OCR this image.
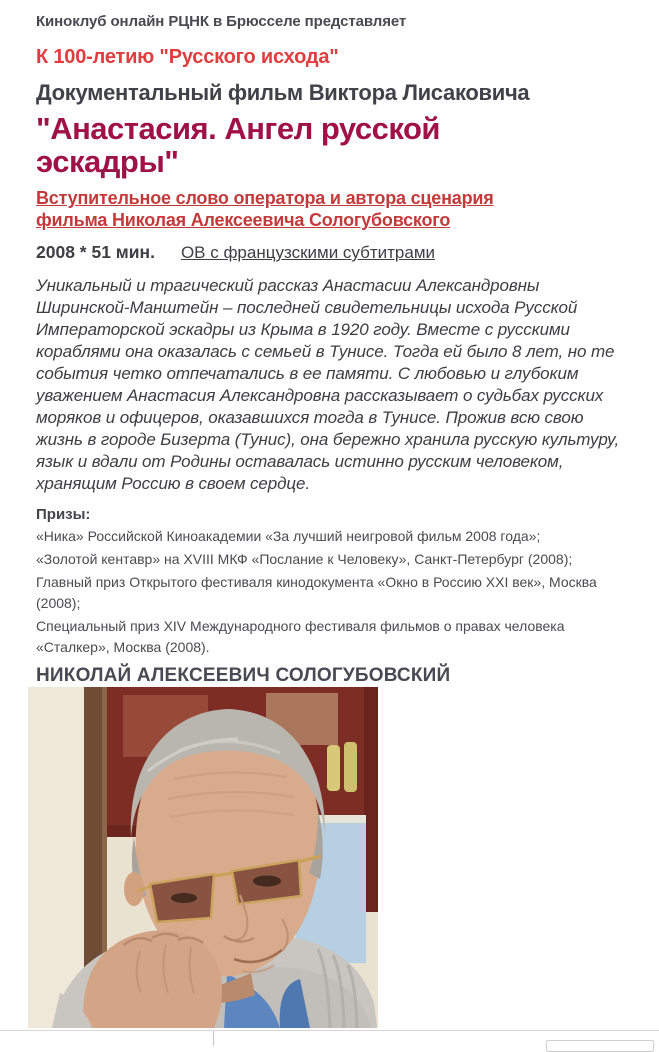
Киноклуб онлайн РЦНК в Брюсселе представляет
К 100-летию "Русского исхода"
Документальный фильм Виктора Лисаковича
"Анастасия. Ангел русской эскадры"
Вступительное слово оператора и автора сценария фильма Николая Алексеевича Сологубовского
2008 * 51 мин. ОВ с французскими субтитрами

Уникальный и трагический рассказ Анастасии Александровны Ширинской-Манштейн – последней свидетельницы исхода Русской Императорской эскадры из Крыма в 1920 году. Вместе с русскими кораблями она оказалась с семьей в Тунисе. Тогда ей было 8 лет, но те события четко отпечатались в ее памяти. С любовью и глубоким уважением Анастасия Александровна рассказывает о судьбах русских моряков и офицеров, оказавшихся тогда в Тунисе. Прожив всю свою жизнь в городе Бизерта (Тунис), она бережно хранила русскую культуру, язык и вдали от Родины оставалась истинно русским человеком, хранящим Россию в своем сердце.

Призы:
«Ника» Российской Киноакадемии «За лучший неигровой фильм 2008 года»;
«Золотой кентавр» на XVIII МКФ «Послание к Человеку», Санкт-Петербург (2008);
Главный приз Открытого фестиваля кинодокумента «Окно в Россию XXI век», Москва (2008);
Специальный приз XIV Международного фестиваля фильмов о правах человека «Сталкер», Москва (2008).
НИКОЛАЙ АЛЕКСЕЕВИЧ СОЛОГУБОВСКИЙ
